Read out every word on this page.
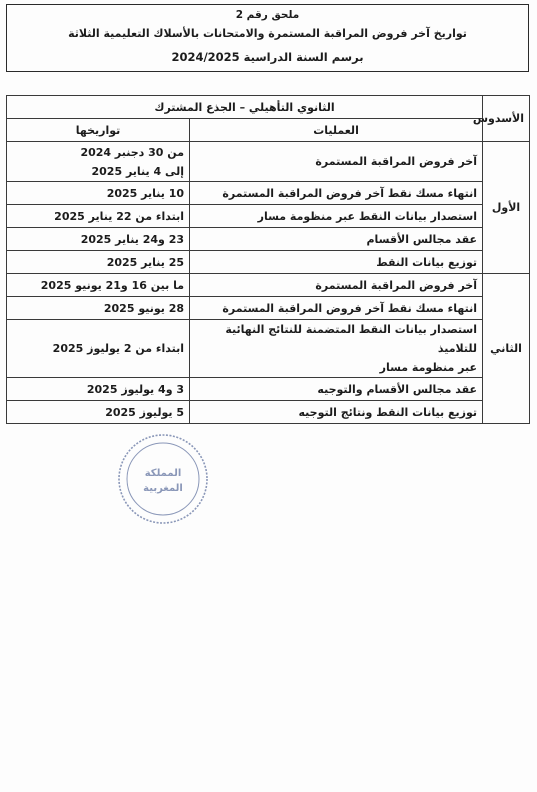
ملحق رقم 2
تواريخ آخر فروض المراقبة المستمرة والامتحانات بالأسلاك التعليمية الثلاثة
برسم السنة الدراسية 2024/2025
الأسدوس	الثانوي التأهيلي – الجذع المشترك	
	العمليات	تواريخها
الأول	آخر فروض المراقبة المستمرة	من 30 دجنبر 2024
إلى 4 يناير 2025

	انتهاء مسك نقط آخر فروض المراقبة المستمرة	10 يناير 2025
	استصدار بيانات النقط عبر منظومة مسار	ابتداء من 22 يناير 2025
	عقد مجالس الأقسام	23 و24 يناير 2025
	توزيع بيانات النقط	25 يناير 2025
الثاني	آخر فروض المراقبة المستمرة	ما بين 16 و21 يونيو 2025
	انتهاء مسك نقط آخر فروض المراقبة المستمرة	28 يونيو 2025

	استصدار بيانات النقط المتضمنة للنتائج النهائية للتلاميذ
عبر منظومة مسار	ابتداء من 2 يوليوز 2025
	عقد مجالس الأقسام والتوجيه	3 و4 يوليوز 2025
	توزيع بيانات النقط ونتائج التوجيه	5 يوليوز 2025
المملكة
المغربية
